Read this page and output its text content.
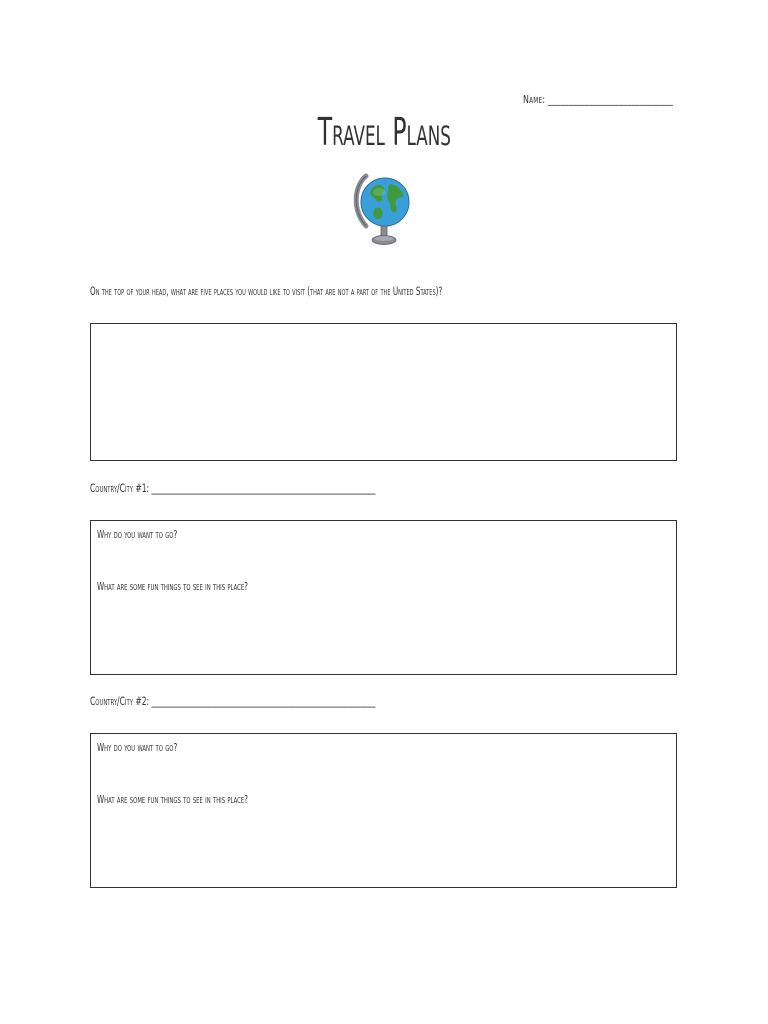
Name: ______________________________
Travel Plans
On the top of your head, what are five places you would like to visit (that are not a part of the United States)?
Country/City #1: ___________________________________________________________
Why do you want to go?
What are some fun things to see in this place?
Country/City #2: ___________________________________________________________
Why do you want to go?
What are some fun things to see in this place?
